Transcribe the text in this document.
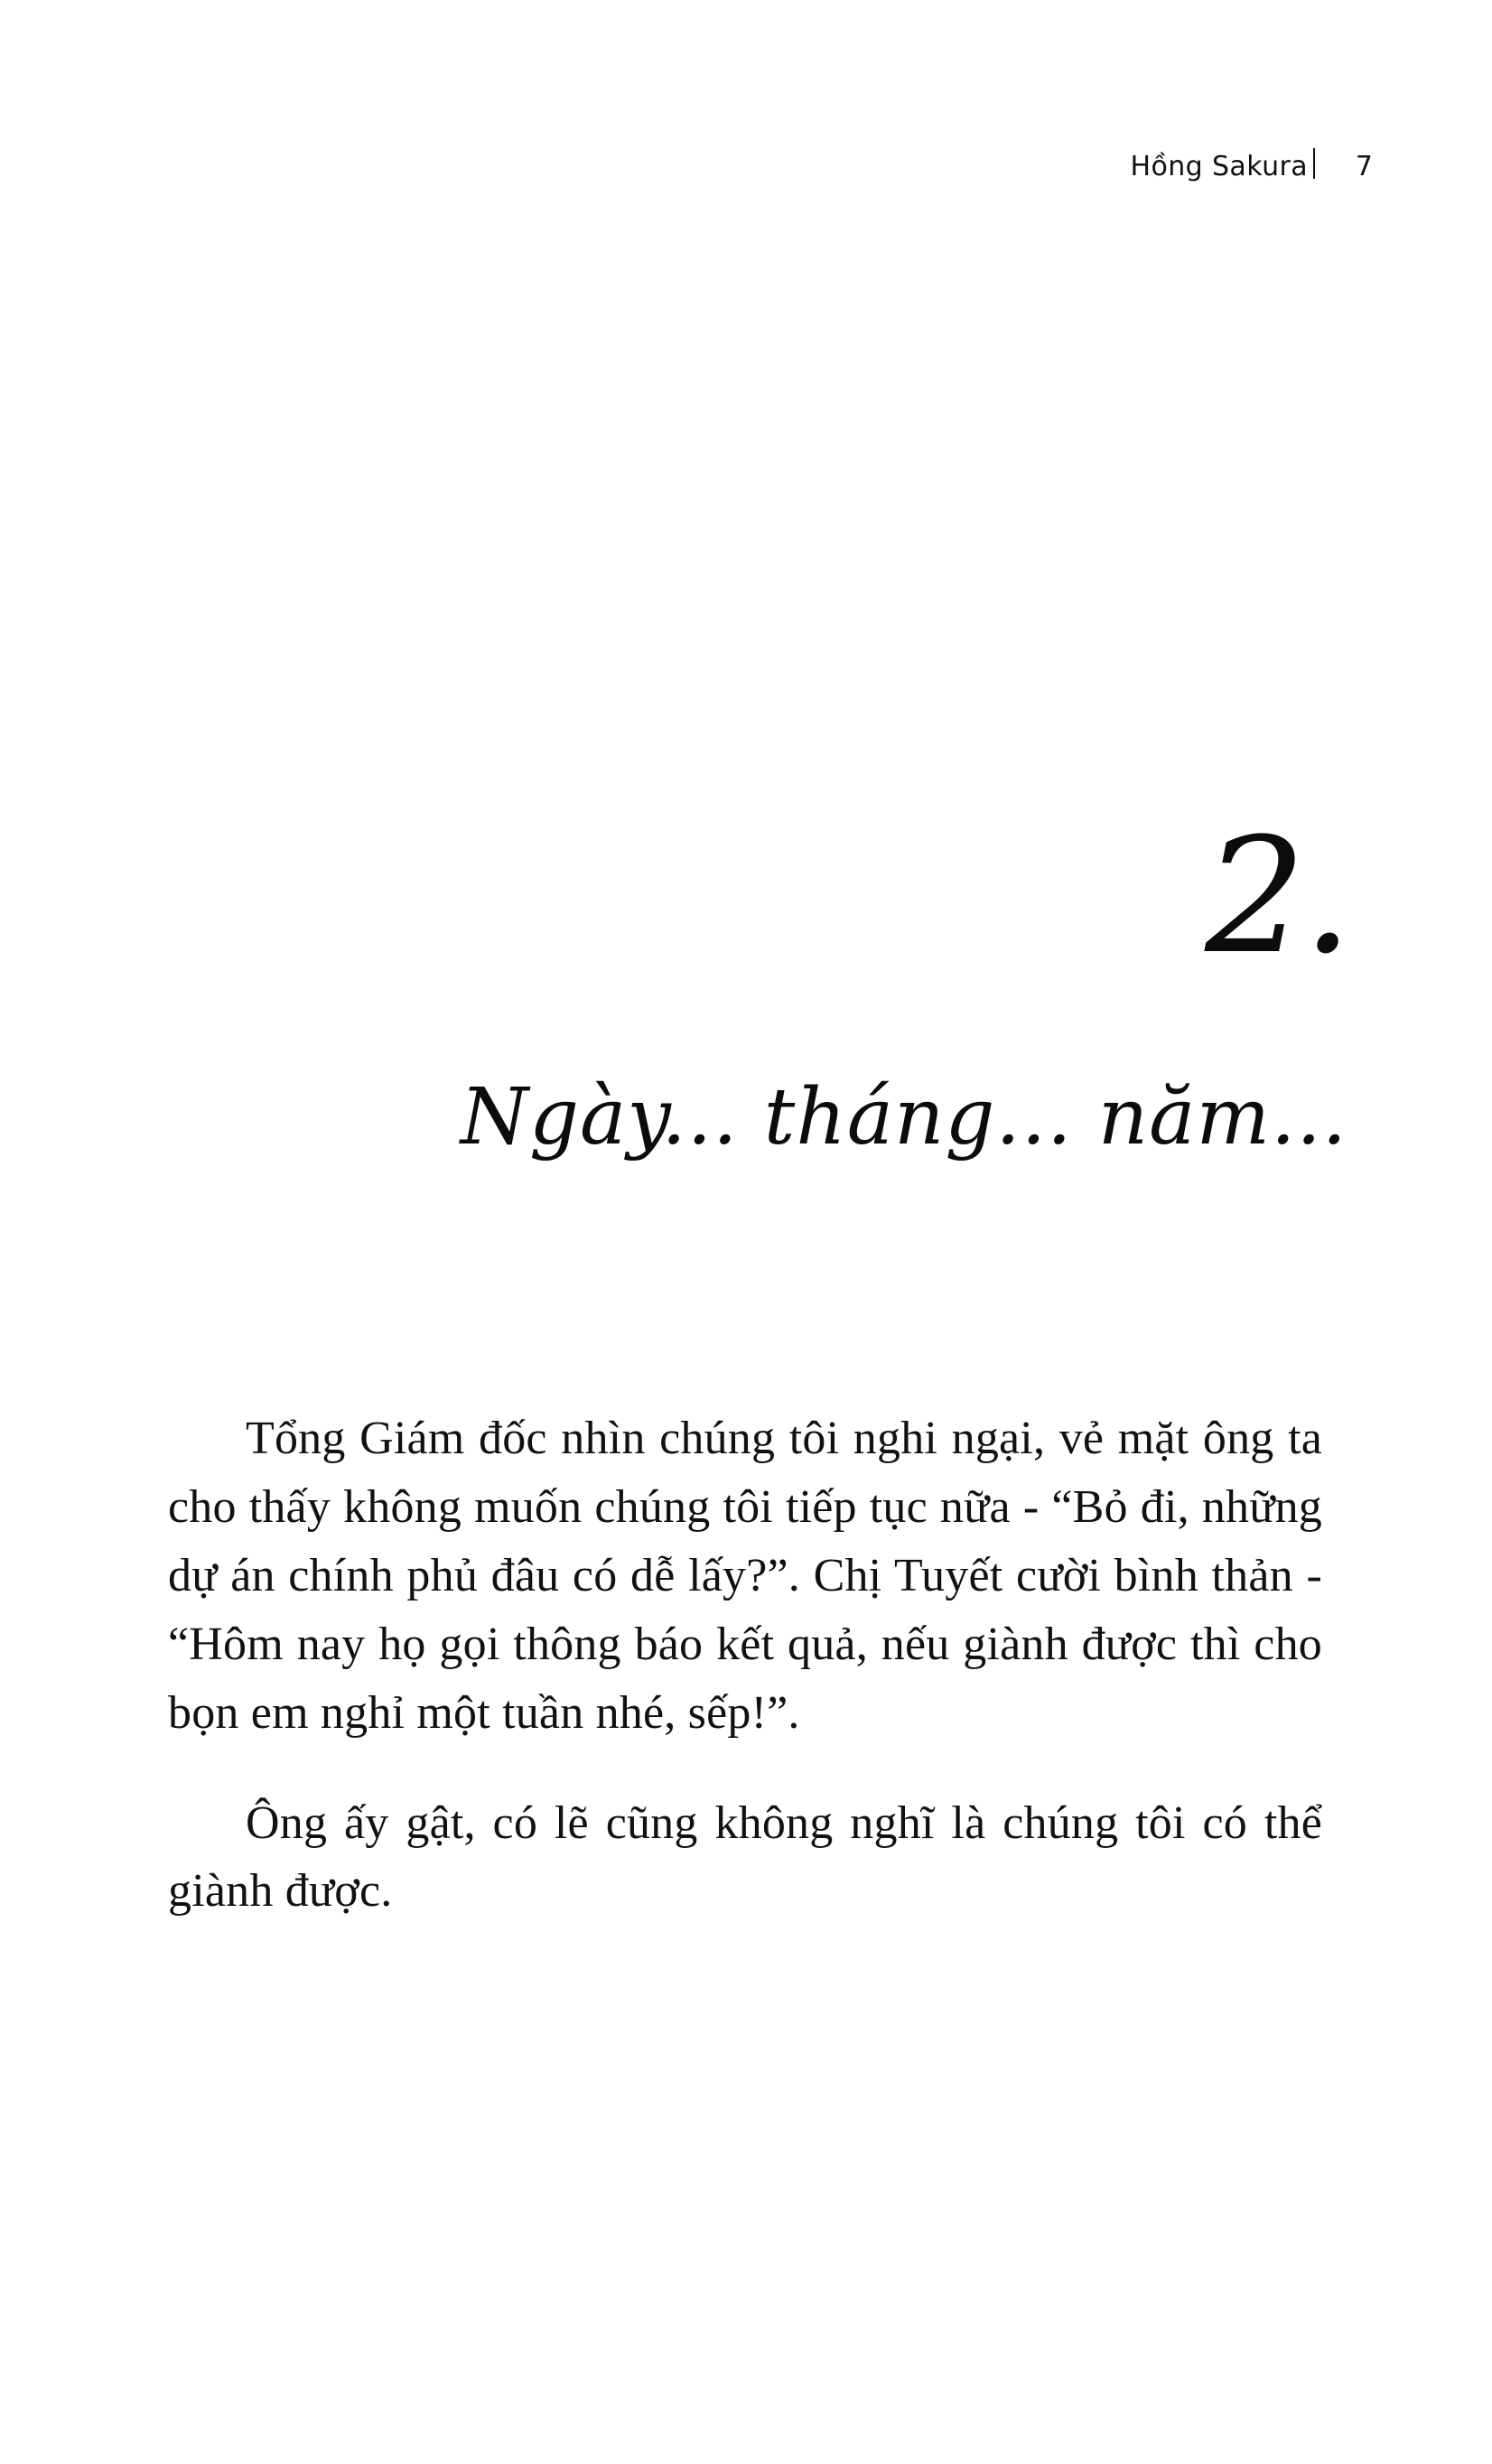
Hồng Sakura 7
2.
Ngày... tháng... năm...

Tổng Giám đốc nhìn chúng tôi nghi ngại, vẻ mặt ông ta cho thấy không muốn chúng tôi tiếp tục nữa - “Bỏ đi, những dự án chính phủ đâu có dễ lấy?”. Chị Tuyết cười bình thản - “Hôm nay họ gọi thông báo kết quả, nếu giành được thì cho bọn em nghỉ một tuần nhé, sếp!”.

Ông ấy gật, có lẽ cũng không nghĩ là chúng tôi có thể giành được.
